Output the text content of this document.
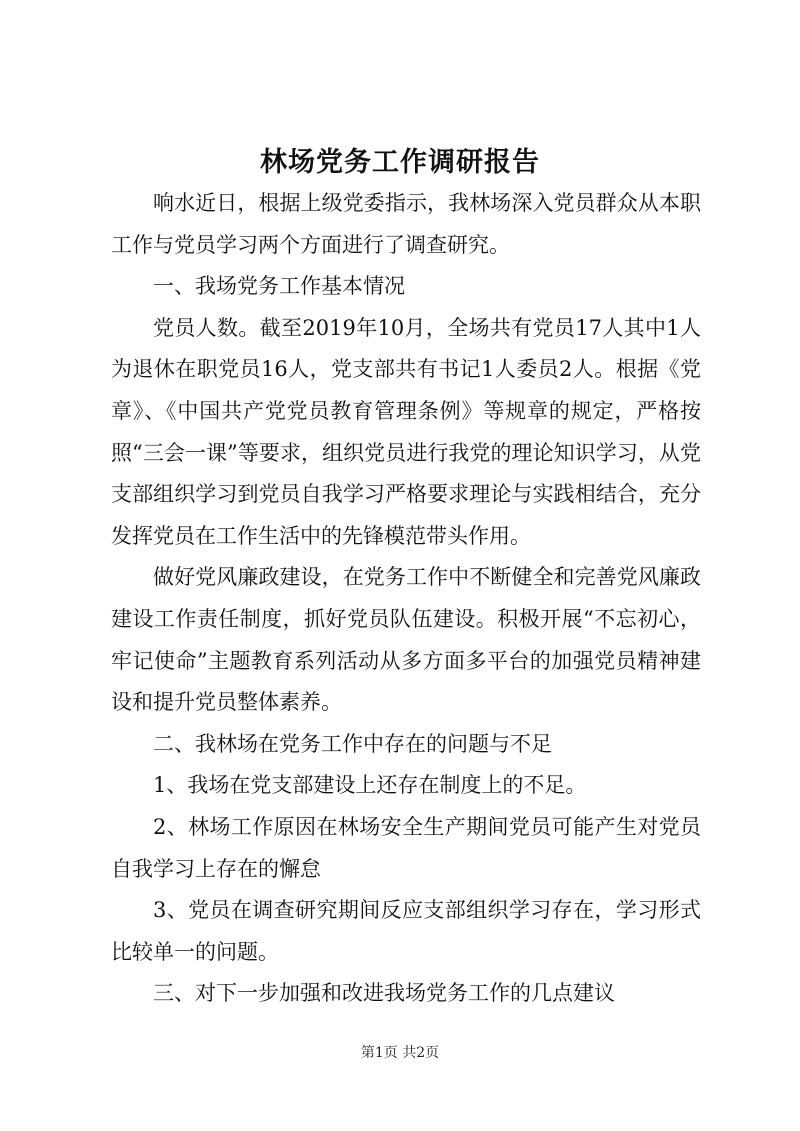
林场党务工作调研报告

响水近日，根据上级党委指示，我林场深入党员群众从本职工作与党员学习两个方面进行了调查研究。

一、我场党务工作基本情况

党员人数。截至2019年10月，全场共有党员17人其中1人为退休在职党员16人，党支部共有书记1人委员2人。根据《党章》、《中国共产党党员教育管理条例》等规章的规定，严格按照“三会一课”等要求，组织党员进行我党的理论知识学习，从党支部组织学习到党员自我学习严格要求理论与实践相结合，充分发挥党员在工作生活中的先锋模范带头作用。

做好党风廉政建设，在党务工作中不断健全和完善党风廉政建设工作责任制度，抓好党员队伍建设。积极开展“不忘初心，牢记使命”主题教育系列活动从多方面多平台的加强党员精神建设和提升党员整体素养。

二、我林场在党务工作中存在的问题与不足

1、我场在党支部建设上还存在制度上的不足。

2、林场工作原因在林场安全生产期间党员可能产生对党员自我学习上存在的懈怠

3、党员在调查研究期间反应支部组织学习存在，学习形式比较单一的问题。

三、对下一步加强和改进我场党务工作的几点建议

第1页 共2页
